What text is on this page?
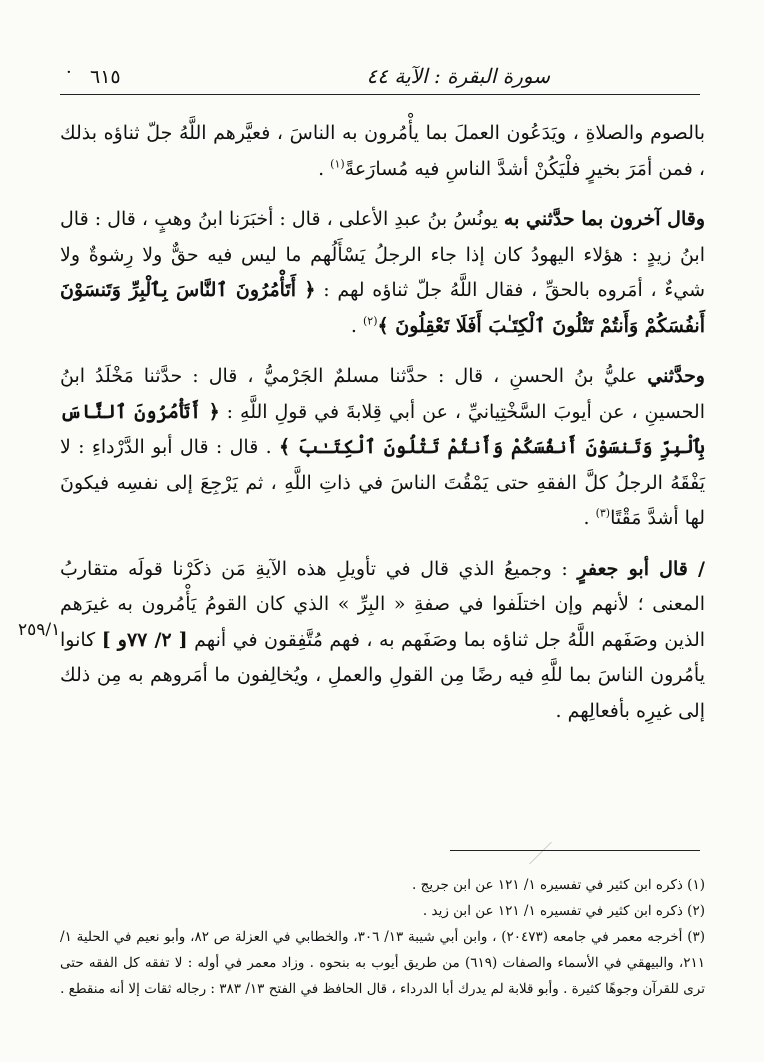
سورة البقرة : الآية ٤٤
٦١٥
·

بالصوم والصلاةِ ، ويَدَعُون العملَ بما يأْمُرون به الناسَ ، فعيَّرهم اللَّهُ جلّ ثناؤه بذلك ، فمن أمَرَ بخيرٍ فلْيَكُنْ أشدَّ الناسِ فيه مُسارَعةً$^{(١)}$ .

وقال آخرون بما حدَّثني به يونُسُ بنُ عبدِ الأعلى ، قال : أخبَرَنا ابنُ وهبٍ ، قال : قال ابنُ زيدٍ : هؤلاء اليهودُ كان إذا جاء الرجلُ يَسْأَلُهم ما ليس فيه حقٌّ ولا رِشوةٌ ولا شيءٌ ، أمَروه بالحقِّ ، فقال اللَّهُ جلّ ثناؤه لهم : ﴿ أَتَأْمُرُونَ ٱلنَّاسَ بِٱلْبِرِّ وَتَنسَوْنَ أَنفُسَكُمْ وَأَنتُمْ تَتْلُونَ ٱلْكِتَـٰبَ أَفَلَا تَعْقِلُونَ ﴾$^{(٢)}$ .

وحدَّثني عليُّ بنُ الحسنِ ، قال : حدَّثنا مسلمٌ الجَرْميُّ ، قال : حدَّثنا مَخْلَدُ ابنُ الحسينِ ، عن أيوبَ السَّخْتِيانيِّ ، عن أبي قِلابةَ في قولِ اللَّهِ : ﴿ أَتَأْمُرُونَ ٱلنَّاسَ بِٱلْبِرِّ وَتَنسَوْنَ أَنفُسَكُمْ وَأَنتُمْ تَتْلُونَ ٱلْكِتَـٰبَ ﴾ . قال : قال أبو الدَّرْداءِ : لا يَفْقَهُ الرجلُ كلَّ الفقهِ حتى يَمْقُتَ الناسَ في ذاتِ اللَّهِ ، ثم يَرْجِعَ إلى نفسِه فيكونَ لها أشدَّ مَقْتًا$^{(٣)}$ .

/ قال أبو جعفرٍ : وجميعُ الذي قال في تأويلِ هذه الآيةِ مَن ذكَرْنا قولَه متقاربُ المعنى ؛ لأنهم وإن اختلَفوا في صفةِ « البِرِّ » الذي كان القومُ يَأْمُرون به غيرَهم الذين وصَفَهم اللَّهُ جل ثناؤه بما وصَفَهم به ، فهم مُتَّفِقون في أنهم [ ٢/ ٧٧و ] كانوا يأمُرون الناسَ بما للَّهِ فيه رضًا مِن القولِ والعملِ ، ويُخالِفون ما أمَروهم به مِن ذلك إلى غيرِه بأفعالِهم .

٢٥٩/١

(١) ذكره ابن كثير في تفسيره ١/ ١٢١ عن ابن جريج .

(٢) ذكره ابن كثير في تفسيره ١/ ١٢١ عن ابن زيد .

(٣) أخرجه معمر في جامعه (٢٠٤٧٣) ، وابن أبي شيبة ١٣/ ٣٠٦، والخطابي في العزلة ص ٨٢، وأبو نعيم في الحلية ١/ ٢١١، والبيهقي في الأسماء والصفات (٦١٩) من طريق أيوب به بنحوه . وزاد معمر في أوله : لا تفقه كل الفقه حتى ترى للقرآن وجوهًا كثيرة . وأبو قلابة لم يدرك أبا الدرداء ، قال الحافظ في الفتح ١٣/ ٣٨٣ : رجاله ثقات إلا أنه منقطع .
